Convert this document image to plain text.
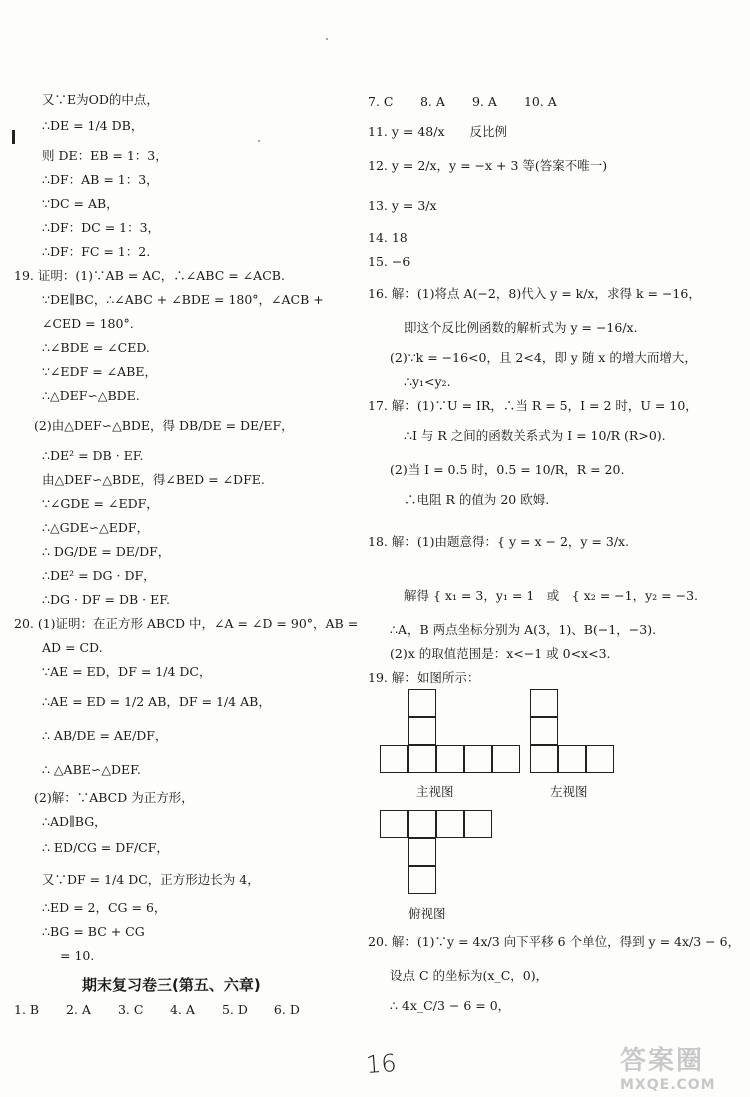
又∵E为OD的中点，
∴DE = 1/4 DB，
则 DE：EB = 1：3，
∴DF：AB = 1：3，
∵DC = AB，
∴DF：DC = 1：3，
∴DF：FC = 1：2.
19. 证明：(1)∵AB = AC，∴∠ABC = ∠ACB.
∵DE∥BC，∴∠ABC + ∠BDE = 180°，∠ACB +
∠CED = 180°.
∴∠BDE = ∠CED.
∵∠EDF = ∠ABE，
∴△DEF∽△BDE.
(2)由△DEF∽△BDE，得 DB/DE = DE/EF，
∴DE² = DB · EF.
由△DEF∽△BDE，得∠BED = ∠DFE.
∵∠GDE = ∠EDF，
∴△GDE∽△EDF，
∴ DG/DE = DE/DF，
∴DE² = DG · DF，
∴DG · DF = DB · EF.
20. (1)证明：在正方形 ABCD 中，∠A = ∠D = 90°，AB =
AD = CD.
∵AE = ED，DF = 1/4 DC，
∴AE = ED = 1/2 AB，DF = 1/4 AB，
∴ AB/DE = AE/DF，
∴ △ABE∽△DEF.
(2)解：∵ABCD 为正方形，
∴AD∥BG，
∴ ED/CG = DF/CF，
又∵DF = 1/4 DC，正方形边长为 4，
∴ED = 2，CG = 6，
∴BG = BC + CG
= 10.
期末复习卷三(第五、六章)
1. B 2. A 3. C 4. A 5. D 6. D
7. C 8. A 9. A 10. A
11. y = 48/x　　反比例
12. y = 2/x，y = −x + 3 等(答案不唯一)
13. y = 3/x
14. 18
15. −6
16. 解：(1)将点 A(−2，8)代入 y = k/x，求得 k = −16，
即这个反比例函数的解析式为 y = −16/x.
(2)∵k = −16<0，且 2<4，即 y 随 x 的增大而增大，
∴y₁<y₂.
17. 解：(1)∵U = IR，∴当 R = 5，I = 2 时，U = 10，
∴I 与 R 之间的函数关系式为 I = 10/R (R>0).
(2)当 I = 0.5 时，0.5 = 10/R，R = 20.
∴电阻 R 的值为 20 欧姆.
18. 解：(1)由题意得：{ y = x − 2，y = 3/x.
解得 { x₁ = 3，y₁ = 1　或　{ x₂ = −1，y₂ = −3.
∴A，B 两点坐标分别为 A(3，1)、B(−1，−3).
(2)x 的取值范围是：x<−1 或 0<x<3.
19. 解：如图所示：
主视图	左视图
俯视图
20. 解：(1)∵y = 4x/3 向下平移 6 个单位，得到 y = 4x/3 − 6，
设点 C 的坐标为(x_C，0)，
∴ 4x_C/3 − 6 = 0，
16	答案圈
MXQE.COM
